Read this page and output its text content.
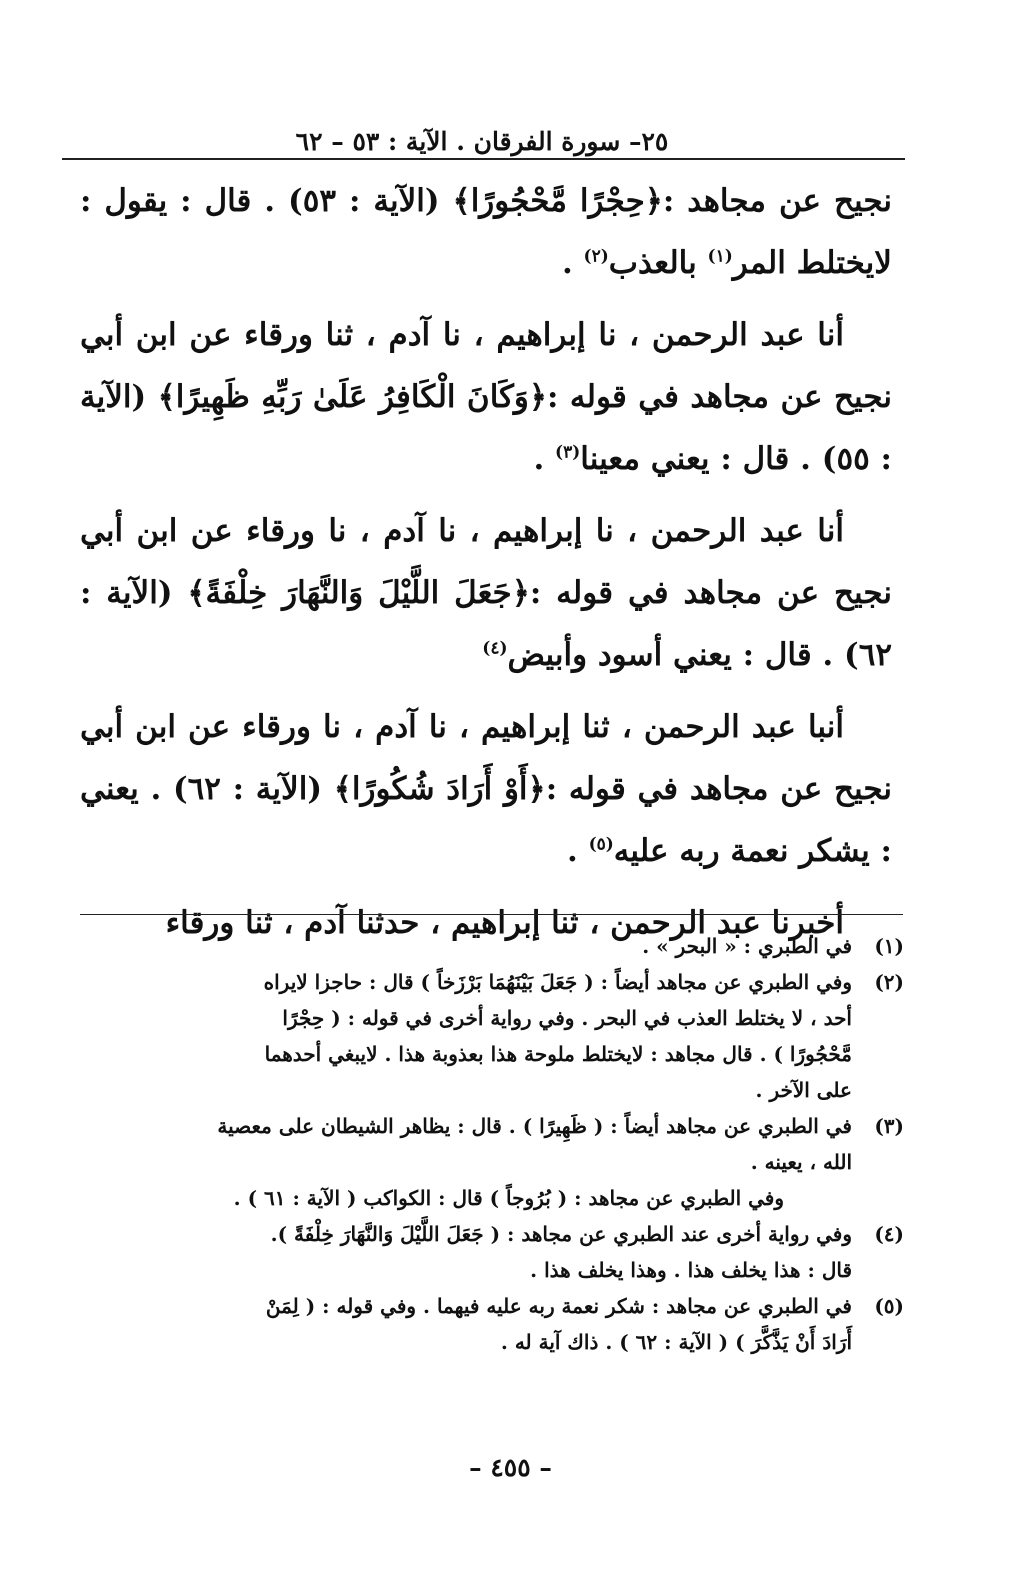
٢٥– سورة الفرقان . الآية : ٥٣ – ٦٢

نجيح عن مجاهد :﴿حِجْرًا مَّحْجُورًا﴾ (الآية : ٥٣) . قال : يقول : لايختلط المر$^{(١)}$ بالعذب$^{(٢)}$ .

أنا عبد الرحمن ، نا إبراهيم ، نا آدم ، ثنا ورقاء عن ابن أبي نجيح عن مجاهد في قوله :﴿وَكَانَ الْكَافِرُ عَلَىٰ رَبِّهِ ظَهِيرًا﴾ (الآية : ٥٥) . قال : يعني معينا$^{(٣)}$ .

أنا عبد الرحمن ، نا إبراهيم ، نا آدم ، نا ورقاء عن ابن أبي نجيح عن مجاهد في قوله :﴿جَعَلَ اللَّيْلَ وَالنَّهَارَ خِلْفَةً﴾ (الآية : ٦٢) . قال : يعني أسود وأبيض$^{(٤)}$

أنبا عبد الرحمن ، ثنا إبراهيم ، نا آدم ، نا ورقاء عن ابن أبي نجيح عن مجاهد في قوله :﴿أَوْ أَرَادَ شُكُورًا﴾ (الآية : ٦٢) . يعني : يشكر نعمة ربه عليه$^{(٥)}$ .

أخبرنا عبد الرحمن ، ثنا إبراهيم ، حدثنا آدم ، ثنا ورقاء

(١)
في الطبري : « البحر » .
(٢)
وفي الطبري عن مجاهد أيضاً : ( جَعَلَ بَيْنَهُمَا بَرْزَخاً ) قال : حاجزا لايراه
أحد ، لا يختلط العذب في البحر . وفي رواية أخرى في قوله : ( حِجْرًا
مَّحْجُورًا ) . قال مجاهد : لايختلط ملوحة هذا بعذوبة هذا . لايبغي أحدهما
على الآخر .
(٣)
في الطبري عن مجاهد أيضاً : ( ظَهِيرًا ) . قال : يظاهر الشيطان على معصية
الله ، يعينه .
وفي الطبري عن مجاهد : ( بُرُوجاً ) قال : الكواكب ( الآية : ٦١ ) .
(٤)
وفي رواية أخرى عند الطبري عن مجاهد : ( جَعَلَ اللَّيْلَ وَالنَّهَارَ خِلْفَةً ).
قال : هذا يخلف هذا . وهذا يخلف هذا .
(٥)
في الطبري عن مجاهد : شكر نعمة ربه عليه فيهما . وفي قوله : ( لِمَنْ
أَرَادَ أَنْ يَذَّكَّرَ ) ( الآية : ٦٢ ) . ذاك آية له .
– ٤٥٥ –
